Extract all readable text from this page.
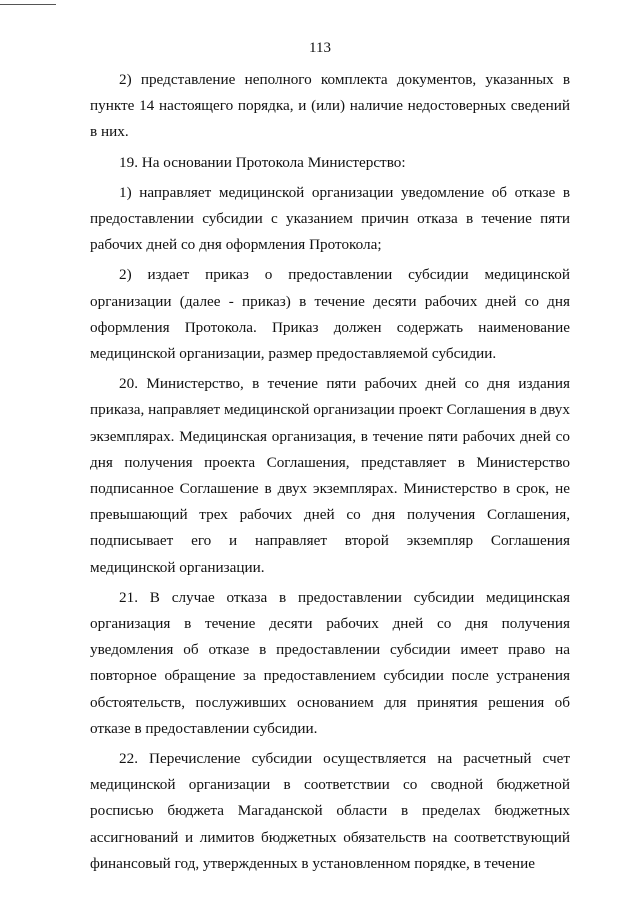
113

2) представление неполного комплекта документов, указанных в пункте 14 настоящего порядка, и (или) наличие недостоверных сведений в них.

19. На основании Протокола Министерство:

1) направляет медицинской организации уведомление об отказе в предоставлении субсидии с указанием причин отказа в течение пяти рабочих дней со дня оформления Протокола;

2) издает приказ о предоставлении субсидии медицинской организации (далее - приказ) в течение десяти рабочих дней со дня оформления Протокола. Приказ должен содержать наименование медицинской организации, размер предоставляемой субсидии.

20. Министерство, в течение пяти рабочих дней со дня издания приказа, направляет медицинской организации проект Соглашения в двух экземплярах. Медицинская организация, в течение пяти рабочих дней со дня получения проекта Соглашения, представляет в Министерство подписанное Соглашение в двух экземплярах. Министерство в срок, не превышающий трех рабочих дней со дня получения Соглашения, подписывает его и направляет второй экземпляр Соглашения медицинской организации.

21. В случае отказа в предоставлении субсидии медицинская организация в течение десяти рабочих дней со дня получения уведомления об отказе в предоставлении субсидии имеет право на повторное обращение за предоставлением субсидии после устранения обстоятельств, послуживших основанием для принятия решения об отказе в предоставлении субсидии.

22. Перечисление субсидии осуществляется на расчетный счет медицинской организации в соответствии со сводной бюджетной росписью бюджета Магаданской области в пределах бюджетных ассигнований и лимитов бюджетных обязательств на соответствующий финансовый год, утвержденных в установленном порядке, в течение
